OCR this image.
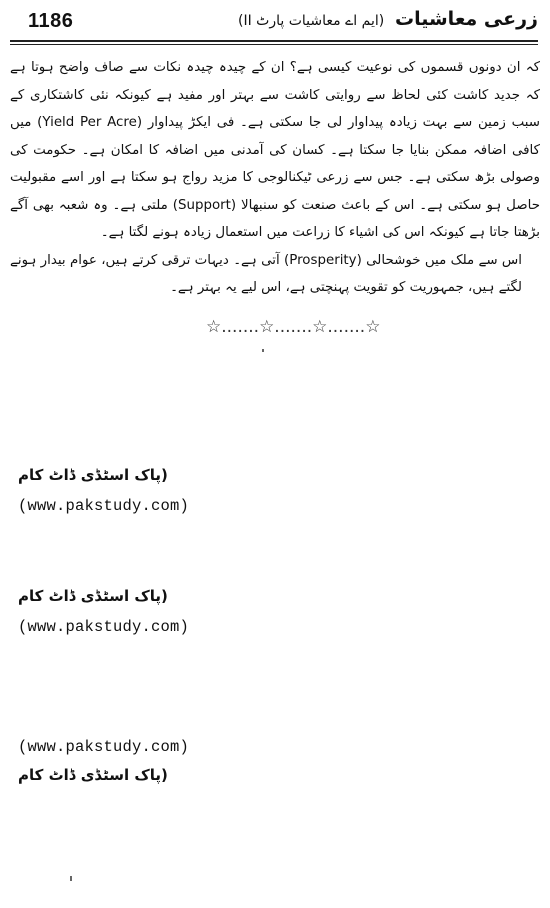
1186	زرعی معاشیات  (ایم اے معاشیات پارٹ II)

کہ ان دونوں قسموں کی نوعیت کیسی ہے؟ ان کے چیدہ چیدہ نکات سے صاف واضح ہوتا ہے کہ جدید کاشت کئی لحاظ سے روایتی کاشت سے بہتر اور مفید ہے کیونکہ نئی کاشتکاری کے سبب زمین سے بہت زیادہ پیداوار لی جا سکتی ہے۔ فی ایکڑ پیداوار (Yield Per Acre) میں کافی اضافہ ممکن بنایا جا سکتا ہے۔ کسان کی آمدنی میں اضافہ کا امکان ہے۔ حکومت کی وصولی بڑھ سکتی ہے۔ جس سے زرعی ٹیکنالوجی کا مزید رواج ہو سکتا ہے اور اسے مقبولیت حاصل ہو سکتی ہے۔ اس کے باعث صنعت کو سنبھالا (Support) ملتی ہے۔ وہ شعبہ بھی آگے بڑھتا جاتا ہے کیونکہ اس کی اشیاء کا زراعت میں استعمال زیادہ ہونے لگتا ہے۔

اس سے ملک میں خوشحالی (Prosperity) آتی ہے۔ دیہات ترقی کرتے ہیں، عوام بیدار ہونے لگتے ہیں، جمہوریت کو تقویت پہنچتی ہے، اس لیے یہ بہتر ہے۔

☆.......☆.......☆.......☆
(پاک اسٹڈی ڈاٹ کام
(www.pakstudy.com)
(پاک اسٹڈی ڈاٹ کام
(www.pakstudy.com)
(www.pakstudy.com)
(پاک اسٹڈی ڈاٹ کام
